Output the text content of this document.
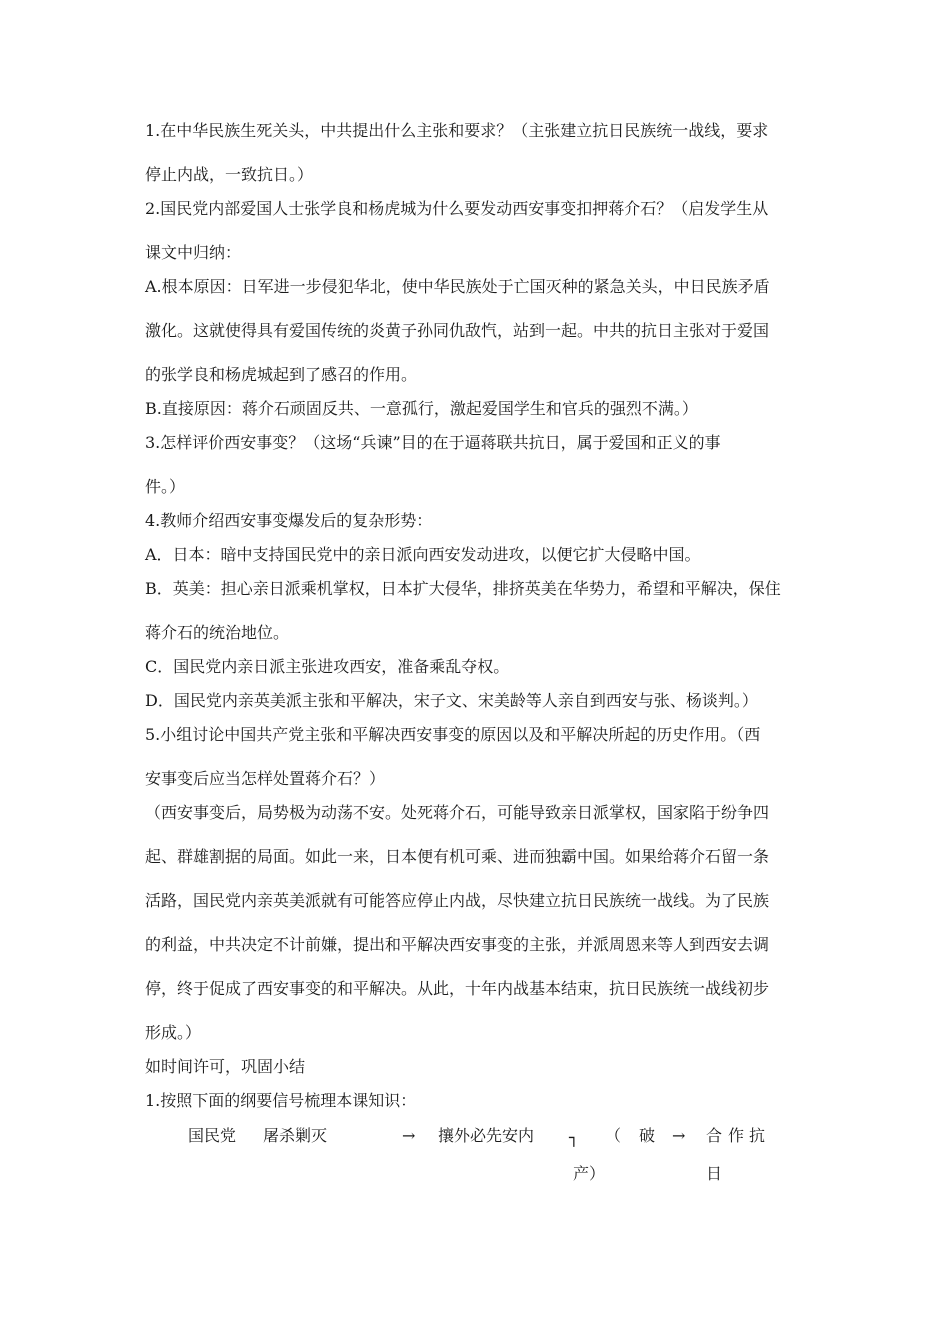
1.在中华民族生死关头，中共提出什么主张和要求？（主张建立抗日民族统一战线，要求

停止内战，一致抗日。）

2.国民党内部爱国人士张学良和杨虎城为什么要发动西安事变扣押蒋介石？（启发学生从

课文中归纳：

A.根本原因：日军进一步侵犯华北，使中华民族处于亡国灭种的紧急关头，中日民族矛盾

激化。这就使得具有爱国传统的炎黄子孙同仇敌忾，站到一起。中共的抗日主张对于爱国

的张学良和杨虎城起到了感召的作用。

B.直接原因：蒋介石顽固反共、一意孤行，激起爱国学生和官兵的强烈不满。）

3.怎样评价西安事变？（这场“兵谏”目的在于逼蒋联共抗日，属于爱国和正义的事

件。）

4.教师介绍西安事变爆发后的复杂形势：

A．日本：暗中支持国民党中的亲日派向西安发动进攻，以便它扩大侵略中国。

B．英美：担心亲日派乘机掌权，日本扩大侵华，排挤英美在华势力，希望和平解决，保住

蒋介石的统治地位。

C．国民党内亲日派主张进攻西安，准备乘乱夺权。

D．国民党内亲英美派主张和平解决，宋子文、宋美龄等人亲自到西安与张、杨谈判。）

5.小组讨论中国共产党主张和平解决西安事变的原因以及和平解决所起的历史作用。（西

安事变后应当怎样处置蒋介石？）

（西安事变后，局势极为动荡不安。处死蒋介石，可能导致亲日派掌权，国家陷于纷争四

起、群雄割据的局面。如此一来，日本便有机可乘、进而独霸中国。如果给蒋介石留一条

活路，国民党内亲英美派就有可能答应停止内战，尽快建立抗日民族统一战线。为了民族

的利益，中共决定不计前嫌，提出和平解决西安事变的主张，并派周恩来等人到西安去调

停，终于促成了西安事变的和平解决。从此，十年内战基本结束，抗日民族统一战线初步

形成。）

如时间许可，巩固小结

1.按照下面的纲要信号梳理本课知识：

国民党 屠杀剿灭	→ 攘外必先安内 ┐ （
产）
破 → 合 作 抗
日
